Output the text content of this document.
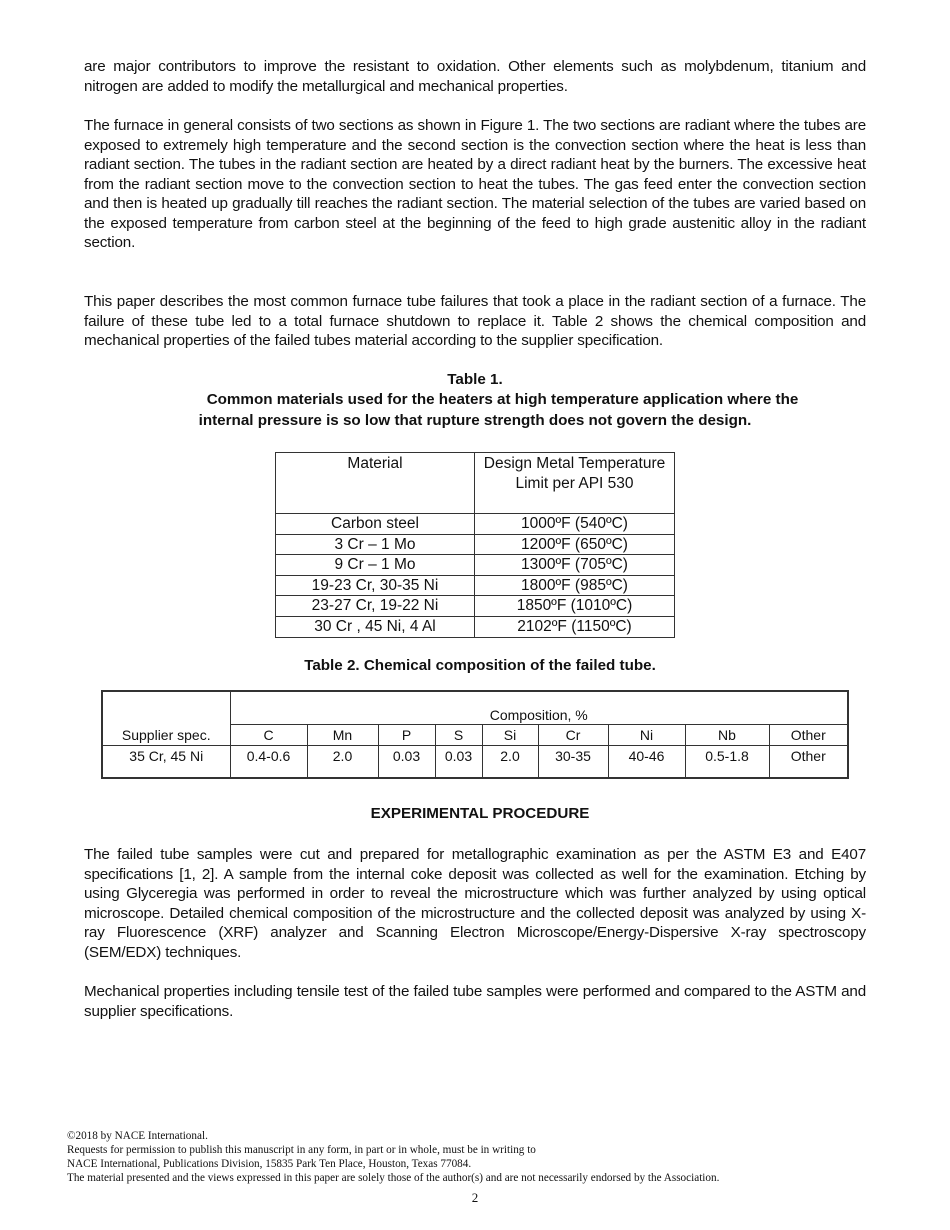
are major contributors to improve the resistant to oxidation. Other elements such as molybdenum, titanium and nitrogen are added to modify the metallurgical and mechanical properties.

The furnace in general consists of two sections as shown in Figure 1. The two sections are radiant where the tubes are exposed to extremely high temperature and the second section is the convection section where the heat is less than radiant section. The tubes in the radiant section are heated by a direct radiant heat by the burners. The excessive heat from the radiant section move to the convection section to heat the tubes. The gas feed enter the convection section and then is heated up gradually till reaches the radiant section. The material selection of the tubes are varied based on the exposed temperature from carbon steel at the beginning of the feed to high grade austenitic alloy in the radiant section.

This paper describes the most common furnace tube failures that took a place in the radiant section of a furnace. The failure of these tube led to a total furnace shutdown to replace it. Table 2 shows the chemical composition and mechanical properties of the failed tubes material according to the supplier specification.

Table 1.

Common materials used for the heaters at high temperature application where the

internal pressure is so low that rupture strength does not govern the design.

Material	Design Metal Temperature Limit per API 530
Carbon steel	1000ºF (540ºC)
3 Cr – 1 Mo	1200ºF (650ºC)
9 Cr – 1 Mo	1300ºF (705ºC)
19-23 Cr, 30-35 Ni	1800ºF (985ºC)
23-27 Cr, 19-22 Ni	1850ºF (1010ºC)
30 Cr , 45 Ni, 4 Al	2102ºF (1150ºC)

Table 2. Chemical composition of the failed tube.

Supplier spec.	Composition, %								
	C	Mn	P	S	Si	Cr	Ni	Nb	Other
35 Cr, 45 Ni	0.4-0.6	2.0	0.03	0.03	2.0	30-35	40-46	0.5-1.8	Other

EXPERIMENTAL PROCEDURE

The failed tube samples were cut and prepared for metallographic examination as per the ASTM E3 and E407 specifications [1, 2]. A sample from the internal coke deposit was collected as well for the examination. Etching by using Glyceregia was performed in order to reveal the microstructure which was further analyzed by using optical microscope. Detailed chemical composition of the microstructure and the collected deposit was analyzed by using X-ray Fluorescence (XRF) analyzer and Scanning Electron Microscope/Energy-Dispersive X-ray spectroscopy (SEM/EDX) techniques.

Mechanical properties including tensile test of the failed tube samples were performed and compared to the ASTM and supplier specifications.

©2018 by NACE International.
Requests for permission to publish this manuscript in any form, in part or in whole, must be in writing to
NACE International, Publications Division, 15835 Park Ten Place, Houston, Texas 77084.
The material presented and the views expressed in this paper are solely those of the author(s) and are not necessarily endorsed by the Association.
2
